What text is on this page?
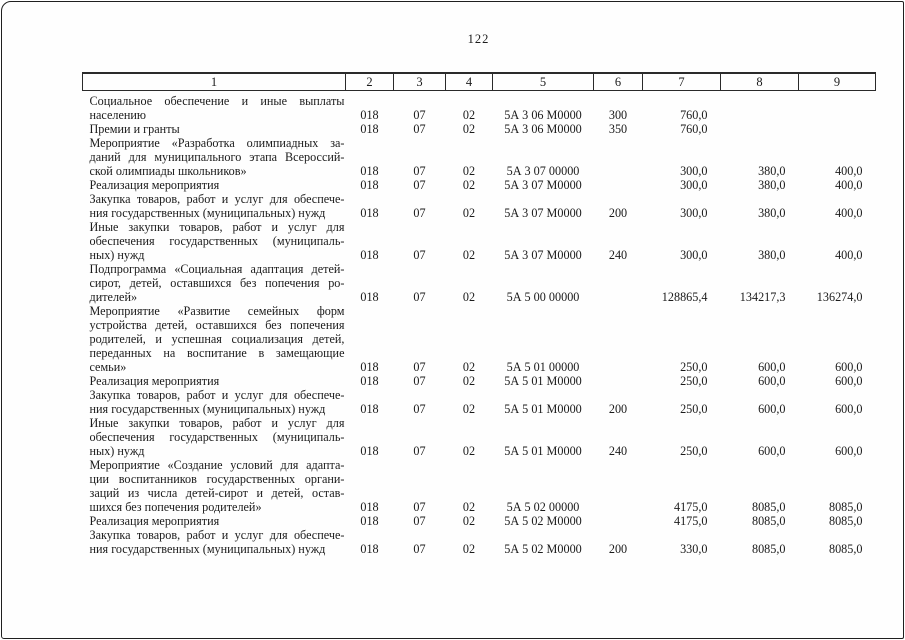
122
1	2	3	4	5	6	7	8	9

Социальное обеспечение и иные выплаты
населению	018	07	02	5А 3 06 М0000	300	760,0		

Премии и гранты	018	07	02	5А 3 06 М0000	350	760,0		

Мероприятие «Разработка олимпиадных за-
даний для муниципального этапа Всероссий-
ской олимпиады школьников»	018	07	02	5А 3 07 00000		300,0	380,0	400,0

Реализация мероприятия	018	07	02	5А 3 07 М0000		300,0	380,0	400,0

Закупка товаров, работ и услуг для обеспече-
ния государственных (муниципальных) нужд	018	07	02	5А 3 07 М0000	200	300,0	380,0	400,0

Иные закупки товаров, работ и услуг для
обеспечения государственных (муниципаль-
ных) нужд	018	07	02	5А 3 07 М0000	240	300,0	380,0	400,0

Подпрограмма «Социальная адаптация детей-
сирот, детей, оставшихся без попечения ро-
дителей»	018	07	02	5А 5 00 00000		128865,4	134217,3	136274,0

Мероприятие «Развитие семейных форм
устройства детей, оставшихся без попечения
родителей, и успешная социализация детей,
переданных на воспитание в замещающие
семьи»	018	07	02	5А 5 01 00000		250,0	600,0	600,0

Реализация мероприятия	018	07	02	5А 5 01 М0000		250,0	600,0	600,0

Закупка товаров, работ и услуг для обеспече-
ния государственных (муниципальных) нужд	018	07	02	5А 5 01 М0000	200	250,0	600,0	600,0

Иные закупки товаров, работ и услуг для
обеспечения государственных (муниципаль-
ных) нужд	018	07	02	5А 5 01 М0000	240	250,0	600,0	600,0

Мероприятие «Создание условий для адапта-
ции воспитанников государственных органи-
заций из числа детей-сирот и детей, остав-
шихся без попечения родителей»	018	07	02	5А 5 02 00000		4175,0	8085,0	8085,0

Реализация мероприятия	018	07	02	5А 5 02 М0000		4175,0	8085,0	8085,0

Закупка товаров, работ и услуг для обеспече-
ния государственных (муниципальных) нужд	018	07	02	5А 5 02 М0000	200	330,0	8085,0	8085,0
